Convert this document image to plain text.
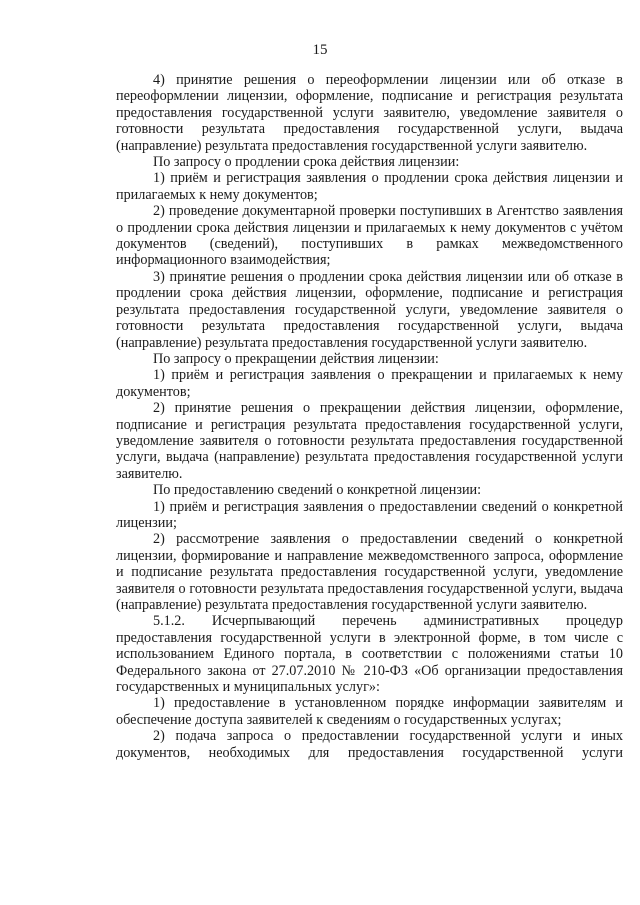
15

4) принятие решения о переоформлении лицензии или об отказе в переоформлении лицензии, оформление, подписание и регистрация результата предоставления государственной услуги заявителю, уведомление заявителя о готовности результата предоставления государственной услуги, выдача (направление) результата предоставления государственной услуги заявителю.

По запросу о продлении срока действия лицензии:

1) приём и регистрация заявления о продлении срока действия лицензии и прилагаемых к нему документов;

2) проведение документарной проверки поступивших в Агентство заявления о продлении срока действия лицензии и прилагаемых к нему документов с учётом документов (сведений), поступивших в рамках межведомственного информационного взаимодействия;

3) принятие решения о продлении срока действия лицензии или об отказе в продлении срока действия лицензии, оформление, подписание и регистрация результата предоставления государственной услуги, уведомление заявителя о готовности результата предоставления государственной услуги, выдача (направление) результата предоставления государственной услуги заявителю.

По запросу о прекращении действия лицензии:

1) приём и регистрация заявления о прекращении и прилагаемых к нему документов;

2) принятие решения о прекращении действия лицензии, оформление, подписание и регистрация результата предоставления государственной услуги, уведомление заявителя о готовности результата предоставления государственной услуги, выдача (направление) результата предоставления государственной услуги заявителю.

По предоставлению сведений о конкретной лицензии:

1) приём и регистрация заявления о предоставлении сведений о конкретной лицензии;

2) рассмотрение заявления о предоставлении сведений о конкретной лицензии, формирование и направление межведомственного запроса, оформление и подписание результата предоставления государственной услуги, уведомление заявителя о готовности результата предоставления государственной услуги, выдача (направление) результата предоставления государственной услуги заявителю.

5.1.2. Исчерпывающий перечень административных процедур предоставления государственной услуги в электронной форме, в том числе с использованием Единого портала, в соответствии с положениями статьи 10 Федерального закона от 27.07.2010 № 210-ФЗ «Об организации предоставления государственных и муниципальных услуг»:

1) предоставление в установленном порядке информации заявителям и обеспечение доступа заявителей к сведениям о государственных услугах;

2) подача запроса о предоставлении государственной услуги и иных документов, необходимых для предоставления государственной услуги
